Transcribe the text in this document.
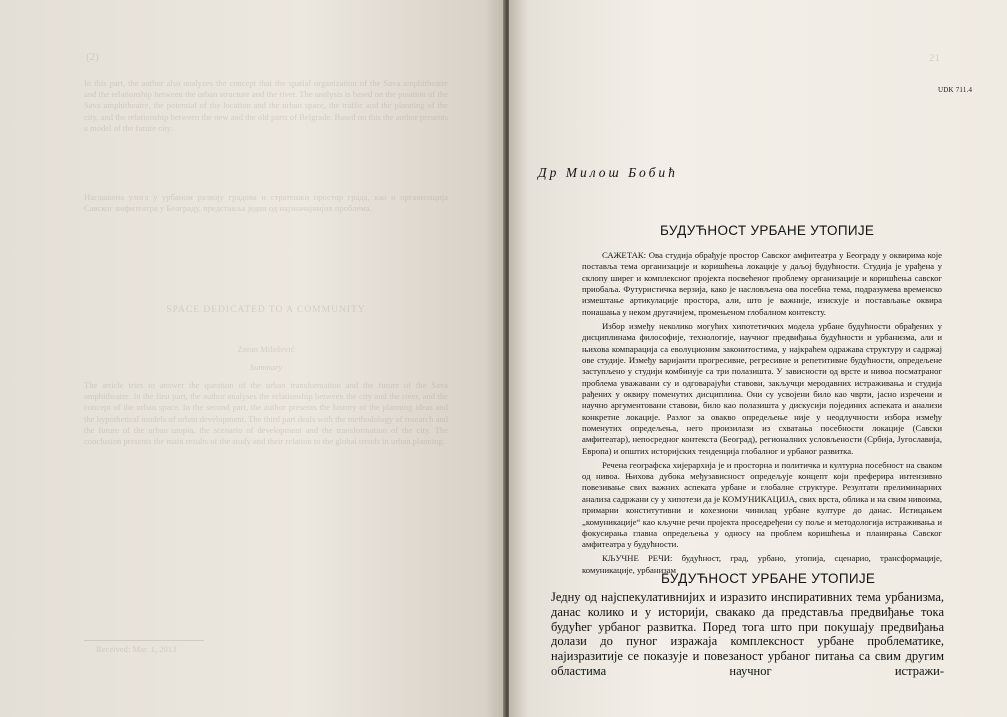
(2)
In this part, the author also analyzes the concept that the spatial organization of the Sava amphitheatre and the relationship between the urban structure and the river. The analysis is based on the position of the Sava amphitheatre, the potential of the location and the urban space, the traffic and the planning of the city, and the relationship between the new and the old parts of Belgrade. Based on this the author presents a model of the future city.
Наглашена улога у урбаном развоју градова и стратешки простор града, као и организација Савског амфитеатра у Београду, представља један од најзначајнијих проблема.
SPACE DEDICATED TO A COMMUNITY
Zoran Milošević
Summary
The article tries to answer the question of the urban transformation and the future of the Sava amphitheatre. In the first part, the author analyses the relationship between the city and the river, and the concept of the urban space. In the second part, the author presents the history of the planning ideas and the hypothetical models of urban development. The third part deals with the methodology of research and the future of the urban utopia, the scenario of development and the transformation of the city. The conclusion presents the main results of the study and their relation to the global trends in urban planning.
Received: Mar. 1, 2013
21
UDK 711.4
Др Милош Бобић
БУДУЋНОСТ УРБАНЕ УТОПИЈЕ

САЖЕТАК: Ова студија обрађује простор Савског амфитеатра у Београду у оквирима које постављa тема организације и коришћења локације у даљој будућности. Студија је урађена у склопу ширег и комплексног пројекта посвећеног проблему организације и коришћења савског приобаља. Футуристичка верзија, како је насловљена ова посебна тема, подразумева временско измештање артикулације простора, али, што је важније, изискује и постављање оквира понашања у неком другачијем, промењеном глобалном контексту.

Избор између неколико могућих хипотетичких модела урбане будућности обрађених у дисциплинама философије, технологије, научног предвиђања будућности и урбанизма, али и њихова компарација са еволуционим законитостима, у најкраћем одражава структуру и садржај ове студије. Између варијанти прогресивне, регресивне и репетитивне будућности, опредељене заступљено у студији комбинује са три полазишта. У зависности од врсте и нивоа посматраног проблема уважавани су и одговарајући ставови, закључци меродавних истраживања и студија рађених у оквиру поменутих дисциплина. Они су усвојени било као чврти, јасно изречени и научно аргументовани ставови, било као полазишта у дискусији појединих аспеката и анализи конкретне локације. Разлог за овакво опредељење није у неодлучности избора између поменутих опредељења, него произилази из схватања посебности локације (Савски амфитеатар), непосредног контекста (Београд), регионалних условљености (Србија, Југославија, Европа) и општих историјских тенденција глобалног и урбаног развитка.

Речена географска хијерархија је и просторна и политичка и културна посебност на сваком од нивоа. Њихова дубока међузависност опредељује концепт који преферира интензивно повезивање свих важних аспеката урбане и глобалне структуре. Резултати прелиминарних анализа садржани су у хипотези да је КОМУНИКАЦИЈА, свих врста, облика и на свим нивоима, примарни конститутивни и кохезиони чинилац урбане културе до данас. Истицањем „комуникације“ као кључне речи пројекта проседређени су поље и методологија истраживања и фокусирања главна опредељења у односу на проблем коришћења и планирања Савског амфитеатра у будућности.

КЉУЧНЕ РЕЧИ: будућност, град, урбано, утопија, сценарио, трансформације, комуникације, урбанизам

БУДУЋНОСТ УРБАНЕ УТОПИЈЕ

Једну од најспекулативнијих и изразито инспиративних тема урбанизма, данас колико и у историји, свакако да представља предвиђање тока будућег урбаног развитка. Поред тога што при покушају предвиђања долази до пуног изражаја комплексност урбане проблематике, најизразитије се показује и повезаност урбаног питања са свим другим областима научног истражи-
